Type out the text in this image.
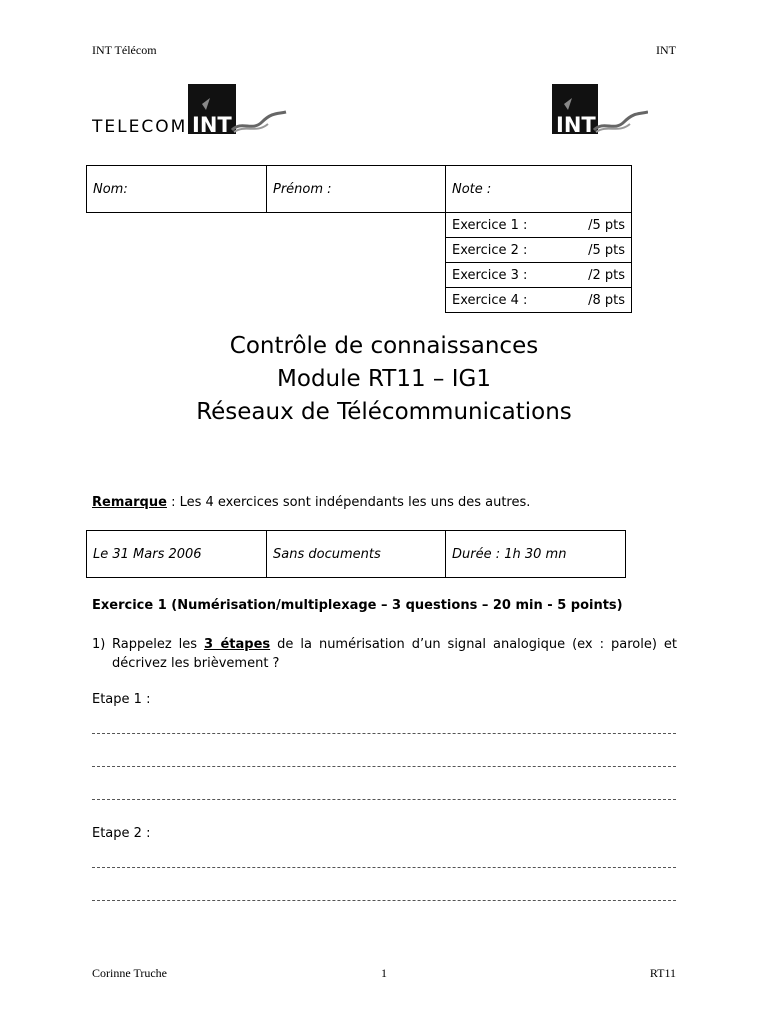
INT Télécom	INT
TELECOM INT	INT
Nom:	Prénom :	Note :
		Exercice 1 : /5 pts

		Exercice 2 : /5 pts

		Exercice 3 : /2 pts

		Exercice 4 : /8 pts
Contrôle de connaissances
Module RT11 – IG1
Réseaux de Télécommunications
Remarque : Les 4 exercices sont indépendants les uns des autres.
Le 31 Mars 2006	Sans documents	Durée : 1h 30 mn
Exercice 1 (Numérisation/multiplexage – 3 questions – 20 min - 5 points)
1) Rappelez les 3 étapes de la numérisation d’un signal analogique (ex : parole) et
décrivez les brièvement ?
Etape 1 :
Etape 2 :
Corinne Truche	1	RT11
